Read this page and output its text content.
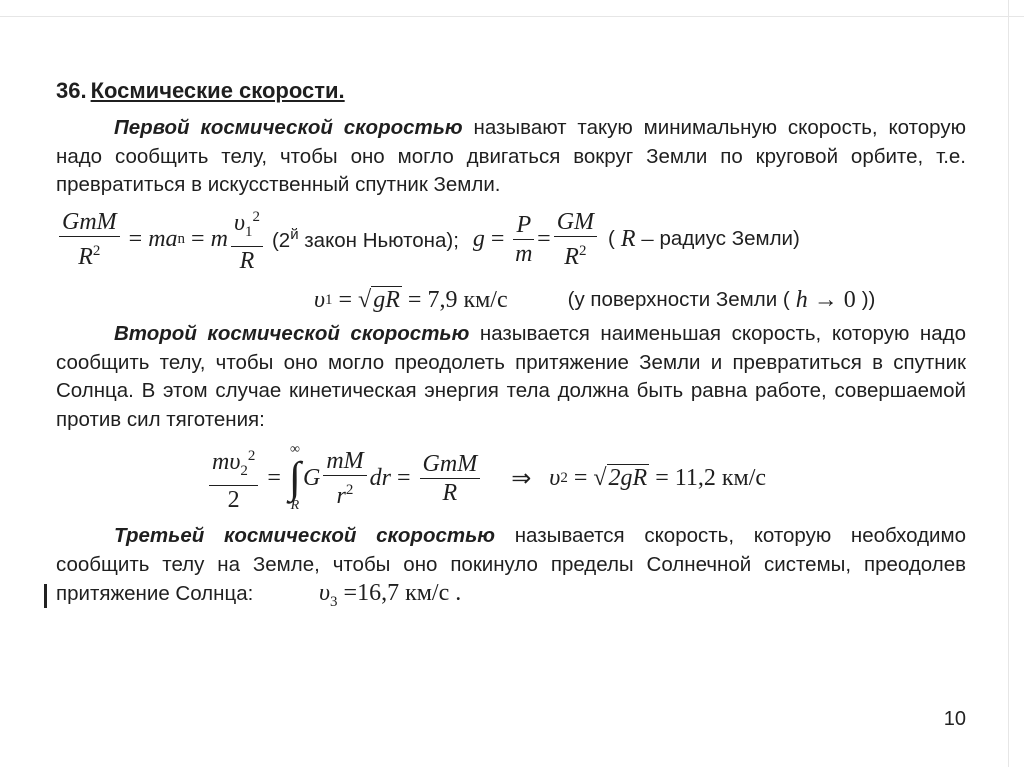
36. Космические скорости.
Первой космической скоростью называют такую минимальную скорость, которую надо сообщить телу, чтобы оно могло двигаться вокруг Земли по круговой орбите, т.е. превратиться в искусственный спутник Земли.
$\frac{\text{GmM}}{R^2}$ = ma n = m $\frac{\upsilon_1^2}{R} (2^й$ закон Ньютона); $g = \frac{P}{m} = \frac{GM}{R^2}$ ( R – радиус Земли)
υ 1 = √ gR = 7,9 км/с	(у поверхности Земли ( h → 0 ))
Второй космической скоростью называется наименьшая скорость, которую надо сообщить телу, чтобы оно могло преодолеть притяжение Земли и превратиться в спутник Солнца. В этом случае кинетическая энергия тела должна быть равна работе, совершаемой против сил тяготения:
$\frac{m\upsilon_2^2}{2}$ =
∞
∫
R
G $\frac{mM}{r^2}$ dr = $\frac{\text{GmM}}{R}$ ⇒ υ 2 = √ 2gR = 11,2 км/с
Третьей космической скоростью называется скорость, которую необходимо сообщить телу на Земле, чтобы оно покинуло пределы Солнечной системы, преодолев притяжение Солнца:	$\upsilon_3 =16,7$ км/с .
10
